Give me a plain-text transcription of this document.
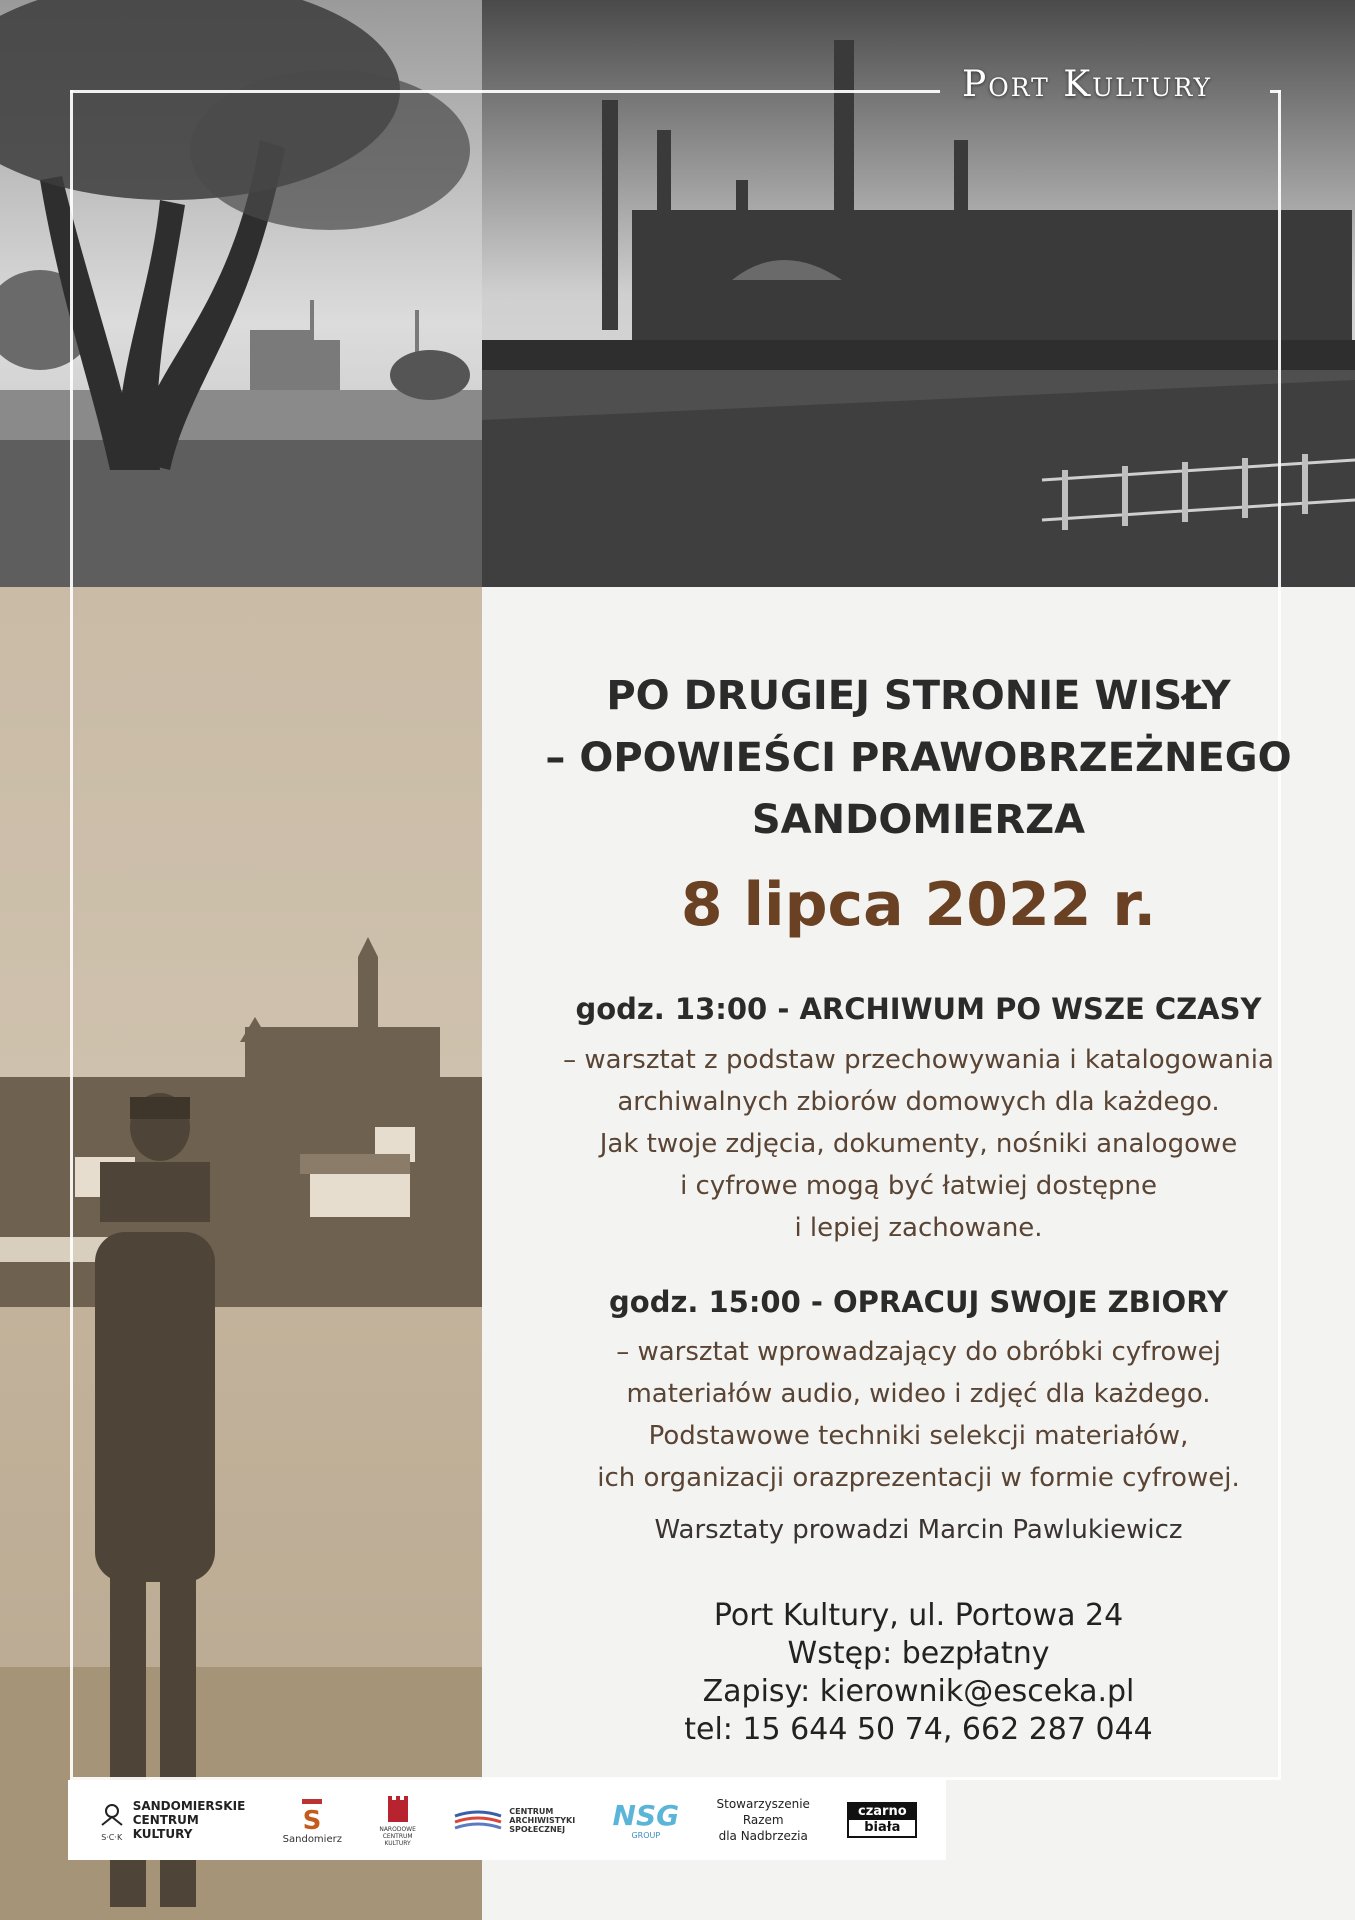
Port Kultury
PO DRUGIEJ STRONIE WISŁY
– OPOWIEŚCI PRAWOBRZEŻNEGO
SANDOMIERZA
8 lipca 2022 r.
godz. 13:00 - ARCHIWUM PO WSZE CZASY
– warsztat z podstaw przechowywania i katalogowania
archiwalnych zbiorów domowych dla każdego.
Jak twoje zdjęcia, dokumenty, nośniki analogowe
i cyfrowe mogą być łatwiej dostępne
i lepiej zachowane.
godz. 15:00 - OPRACUJ SWOJE ZBIORY
– warsztat wprowadzający do obróbki cyfrowej
materiałów audio, wideo i zdjęć dla każdego.
Podstawowe techniki selekcji materiałów,
ich organizacji orazprezentacji w formie cyfrowej.
Warsztaty prowadzi Marcin Pawlukiewicz
Port Kultury, ul. Portowa 24
Wstęp: bezpłatny
Zapisy: kierownik@esceka.pl
tel: 15 644 50 74, 662 287 044
S·C·K
SANDOMIERSKIE
CENTRUM
KULTURY	S
Sandomierz
NARODOWE
CENTRUM
KULTURY
CENTRUM
ARCHIWISTYKI
SPOŁECZNEJ	NSG
GROUP
Stowarzyszenie
Razem
dla Nadbrzezia
czarno
biała
